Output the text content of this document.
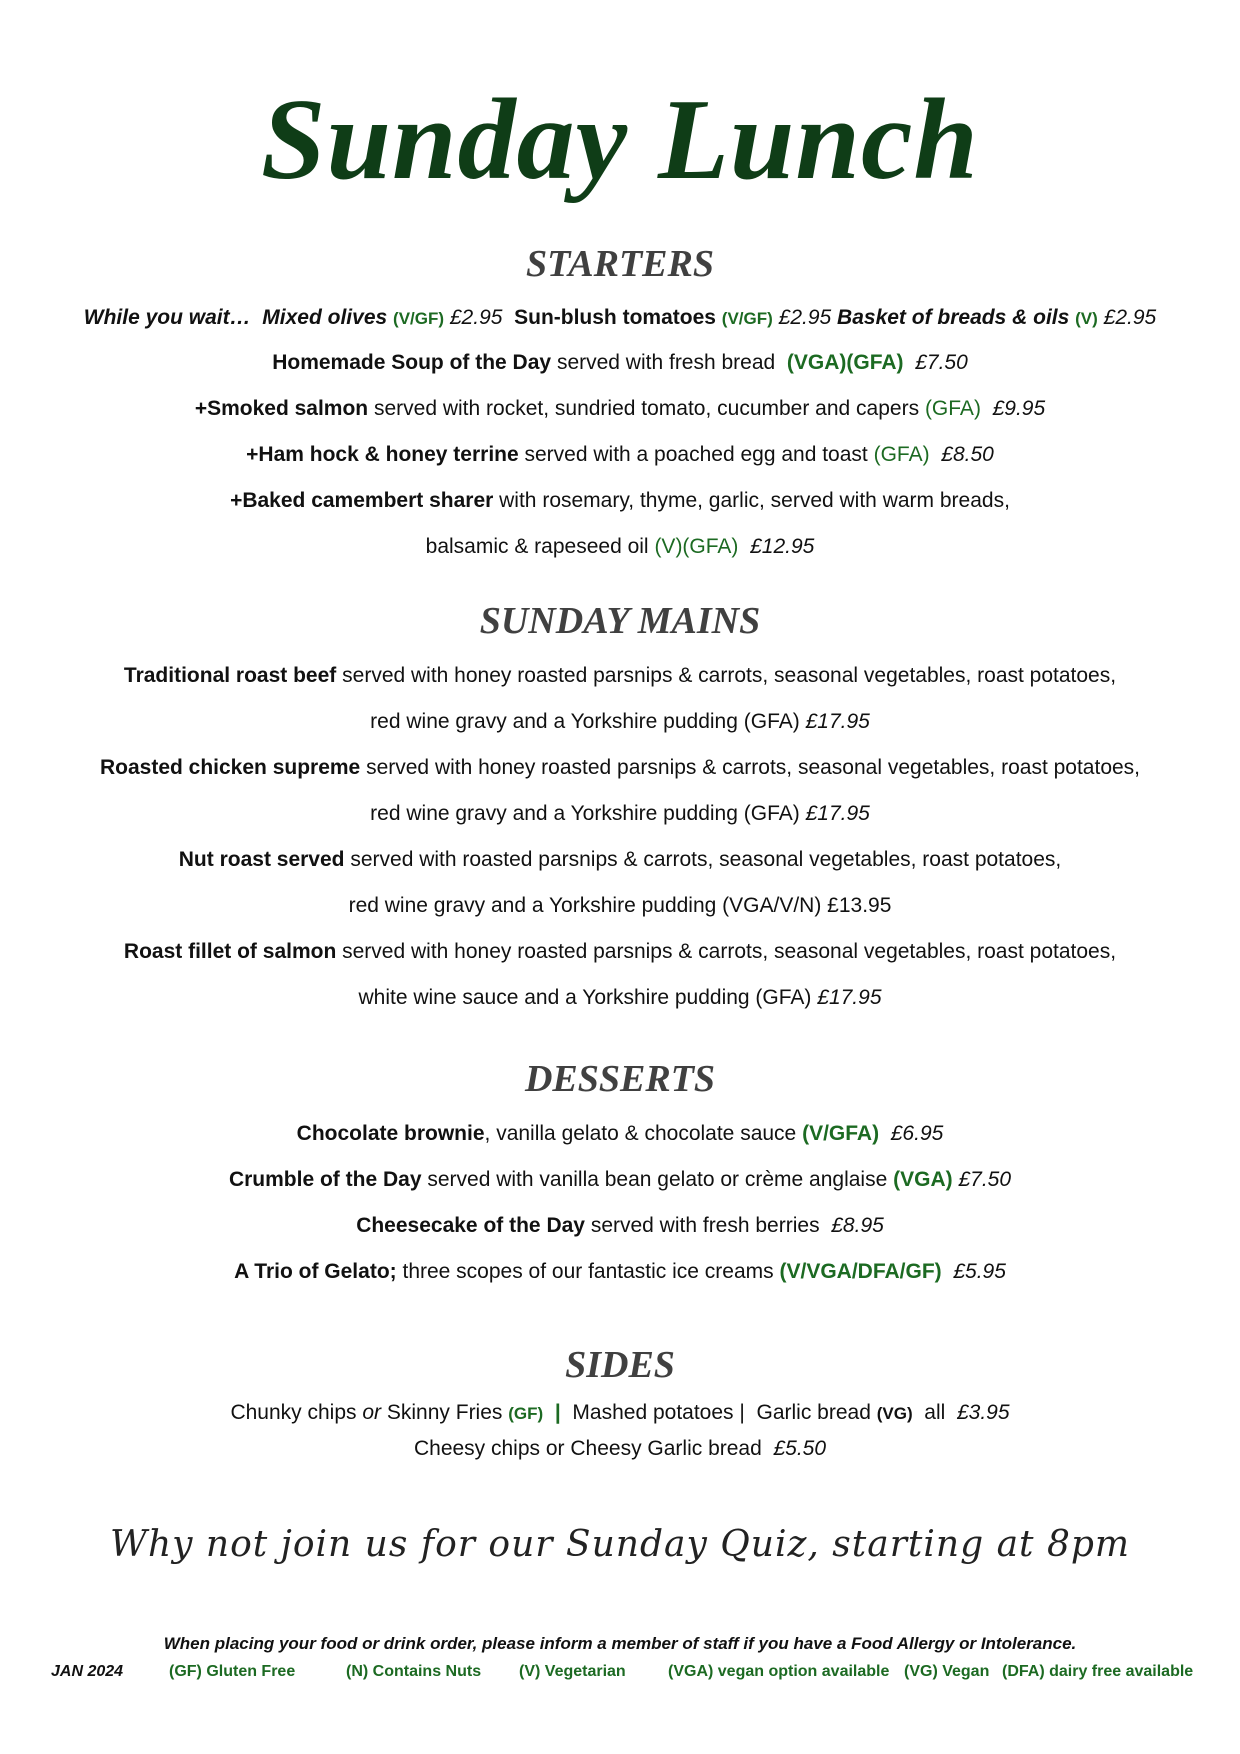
Sunday Lunch
STARTERS
While you wait… Mixed olives (V/GF) £2.95 Sun-blush tomatoes (V/GF) £2.95 Basket of breads & oils (V) £2.95
Homemade Soup of the Day served with fresh bread (VGA)(GFA) £7.50
+Smoked salmon served with rocket, sundried tomato, cucumber and capers (GFA) £9.95
+Ham hock & honey terrine served with a poached egg and toast (GFA) £8.50
+Baked camembert sharer with rosemary, thyme, garlic, served with warm breads,
balsamic & rapeseed oil (V)(GFA) £12.95
SUNDAY MAINS
Traditional roast beef served with honey roasted parsnips & carrots, seasonal vegetables, roast potatoes,
red wine gravy and a Yorkshire pudding (GFA) £17.95
Roasted chicken supreme served with honey roasted parsnips & carrots, seasonal vegetables, roast potatoes,
red wine gravy and a Yorkshire pudding (GFA) £17.95
Nut roast served served with roasted parsnips & carrots, seasonal vegetables, roast potatoes,
red wine gravy and a Yorkshire pudding (VGA/V/N) £13.95
Roast fillet of salmon served with honey roasted parsnips & carrots, seasonal vegetables, roast potatoes,
white wine sauce and a Yorkshire pudding (GFA) £17.95
DESSERTS
Chocolate brownie, vanilla gelato & chocolate sauce (V/GFA) £6.95
Crumble of the Day served with vanilla bean gelato or crème anglaise (VGA) £7.50
Cheesecake of the Day served with fresh berries £8.95
A Trio of Gelato; three scopes of our fantastic ice creams (V/VGA/DFA/GF) £5.95
SIDES
Chunky chips or Skinny Fries (GF) | Mashed potatoes | Garlic bread (VG) all £3.95
Cheesy chips or Cheesy Garlic bread £5.50
Why not join us for our Sunday Quiz, starting at 8pm
When placing your food or drink order, please inform a member of staff if you have a Food Allergy or Intolerance.
JAN 2024	(GF) Gluten Free	(N) Contains Nuts (V) Vegetarian	(VGA) vegan option available (VG) Vegan (DFA) dairy free available
